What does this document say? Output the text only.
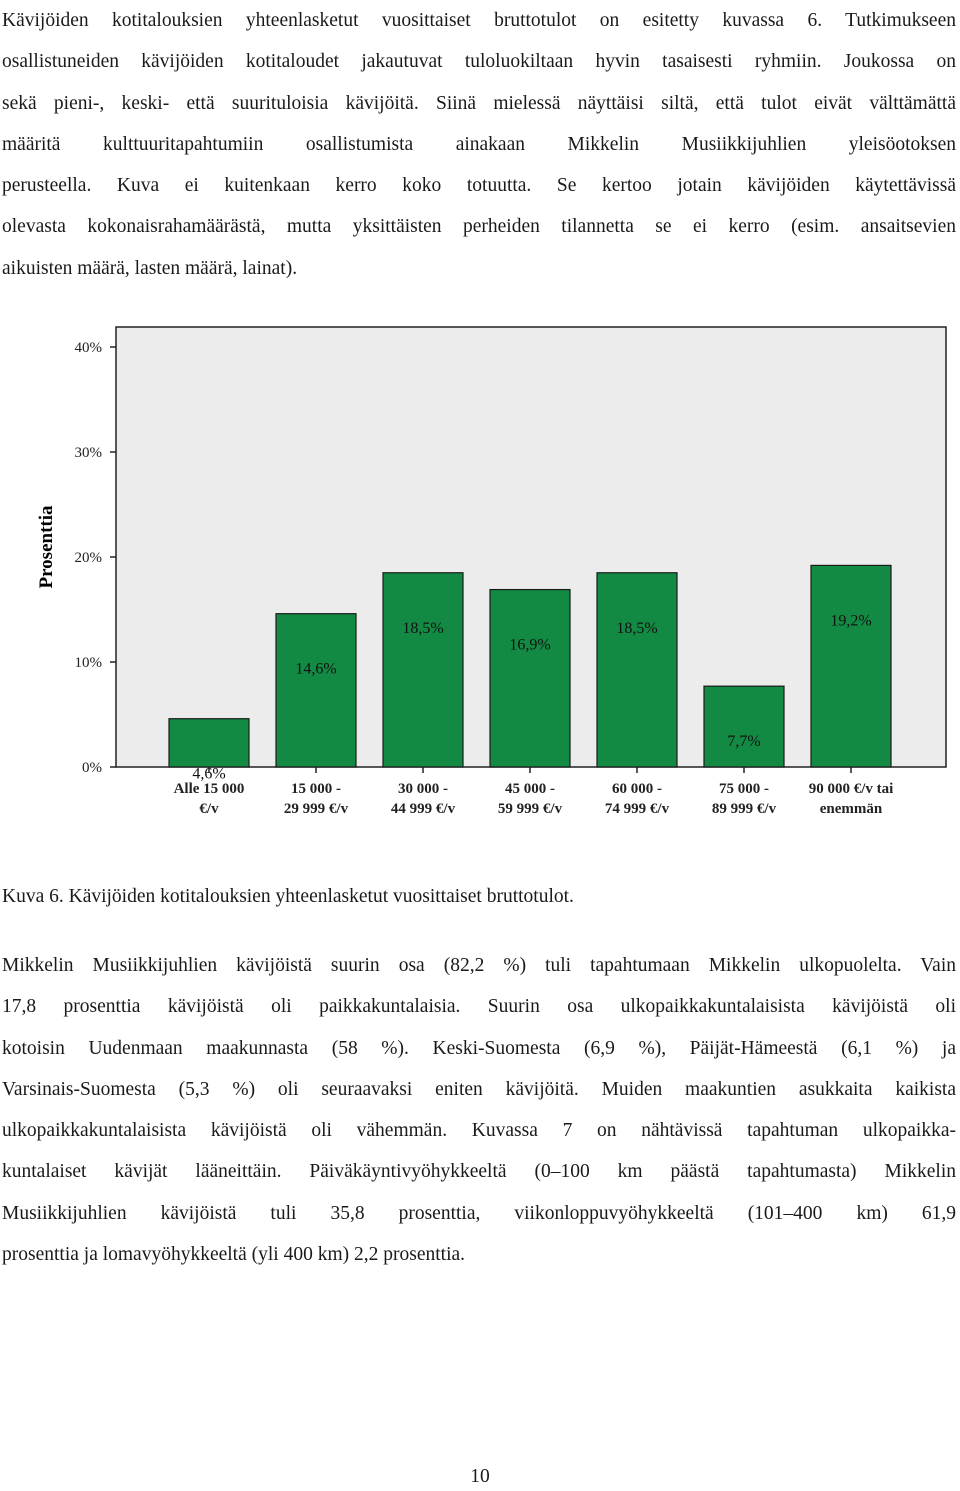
Kävijöiden kotitalouksien yhteenlasketut vuosittaiset bruttotulot on esitetty kuvassa 6. Tutkimukseen
osallistuneiden kävijöiden kotitaloudet jakautuvat tuloluokiltaan hyvin tasaisesti ryhmiin. Joukossa on
sekä pieni-, keski- että suurituloisia kävijöitä. Siinä mielessä näyttäisi siltä, että tulot eivät välttämättä
määritä kulttuuritapahtumiin osallistumista ainakaan Mikkelin Musiikkijuhlien yleisöotoksen
perusteella. Kuva ei kuitenkaan kerro koko totuutta. Se kertoo jotain kävijöiden käytettävissä
olevasta kokonaisrahamäärästä, mutta yksittäisten perheiden tilannetta se ei kerro (esim. ansaitsevien
aikuisten määrä, lasten määrä, lainat).
0%
10%
20%
30%
40%
4,6%
14,6%
18,5%
16,9%
18,5%
7,7%
19,2%
Alle 15 000
€/v
15 000 -
29 999 €/v
30 000 -
44 999 €/v
45 000 -
59 999 €/v
60 000 -
74 999 €/v
75 000 -
89 999 €/v
90 000 €/v tai
enemmän
Prosenttia
Kuva 6. Kävijöiden kotitalouksien yhteenlasketut vuosittaiset bruttotulot.
Mikkelin Musiikkijuhlien kävijöistä suurin osa (82,2 %) tuli tapahtumaan Mikkelin ulkopuolelta. Vain
17,8 prosenttia kävijöistä oli paikkakuntalaisia. Suurin osa ulkopaikkakuntalaisista kävijöistä oli
kotoisin Uudenmaan maakunnasta (58 %). Keski-Suomesta (6,9 %), Päijät-Hämeestä (6,1 %) ja
Varsinais-Suomesta (5,3 %) oli seuraavaksi eniten kävijöitä. Muiden maakuntien asukkaita kaikista
ulkopaikkakuntalaisista kävijöistä oli vähemmän. Kuvassa 7 on nähtävissä tapahtuman ulkopaikka-
kuntalaiset kävijät lääneittäin. Päiväkäyntivyöhykkeeltä (0–100 km päästä tapahtumasta) Mikkelin
Musiikkijuhlien kävijöistä tuli 35,8 prosenttia, viikonloppuvyöhykkeeltä (101–400 km) 61,9
prosenttia ja lomavyöhykkeeltä (yli 400 km) 2,2 prosenttia.
10
